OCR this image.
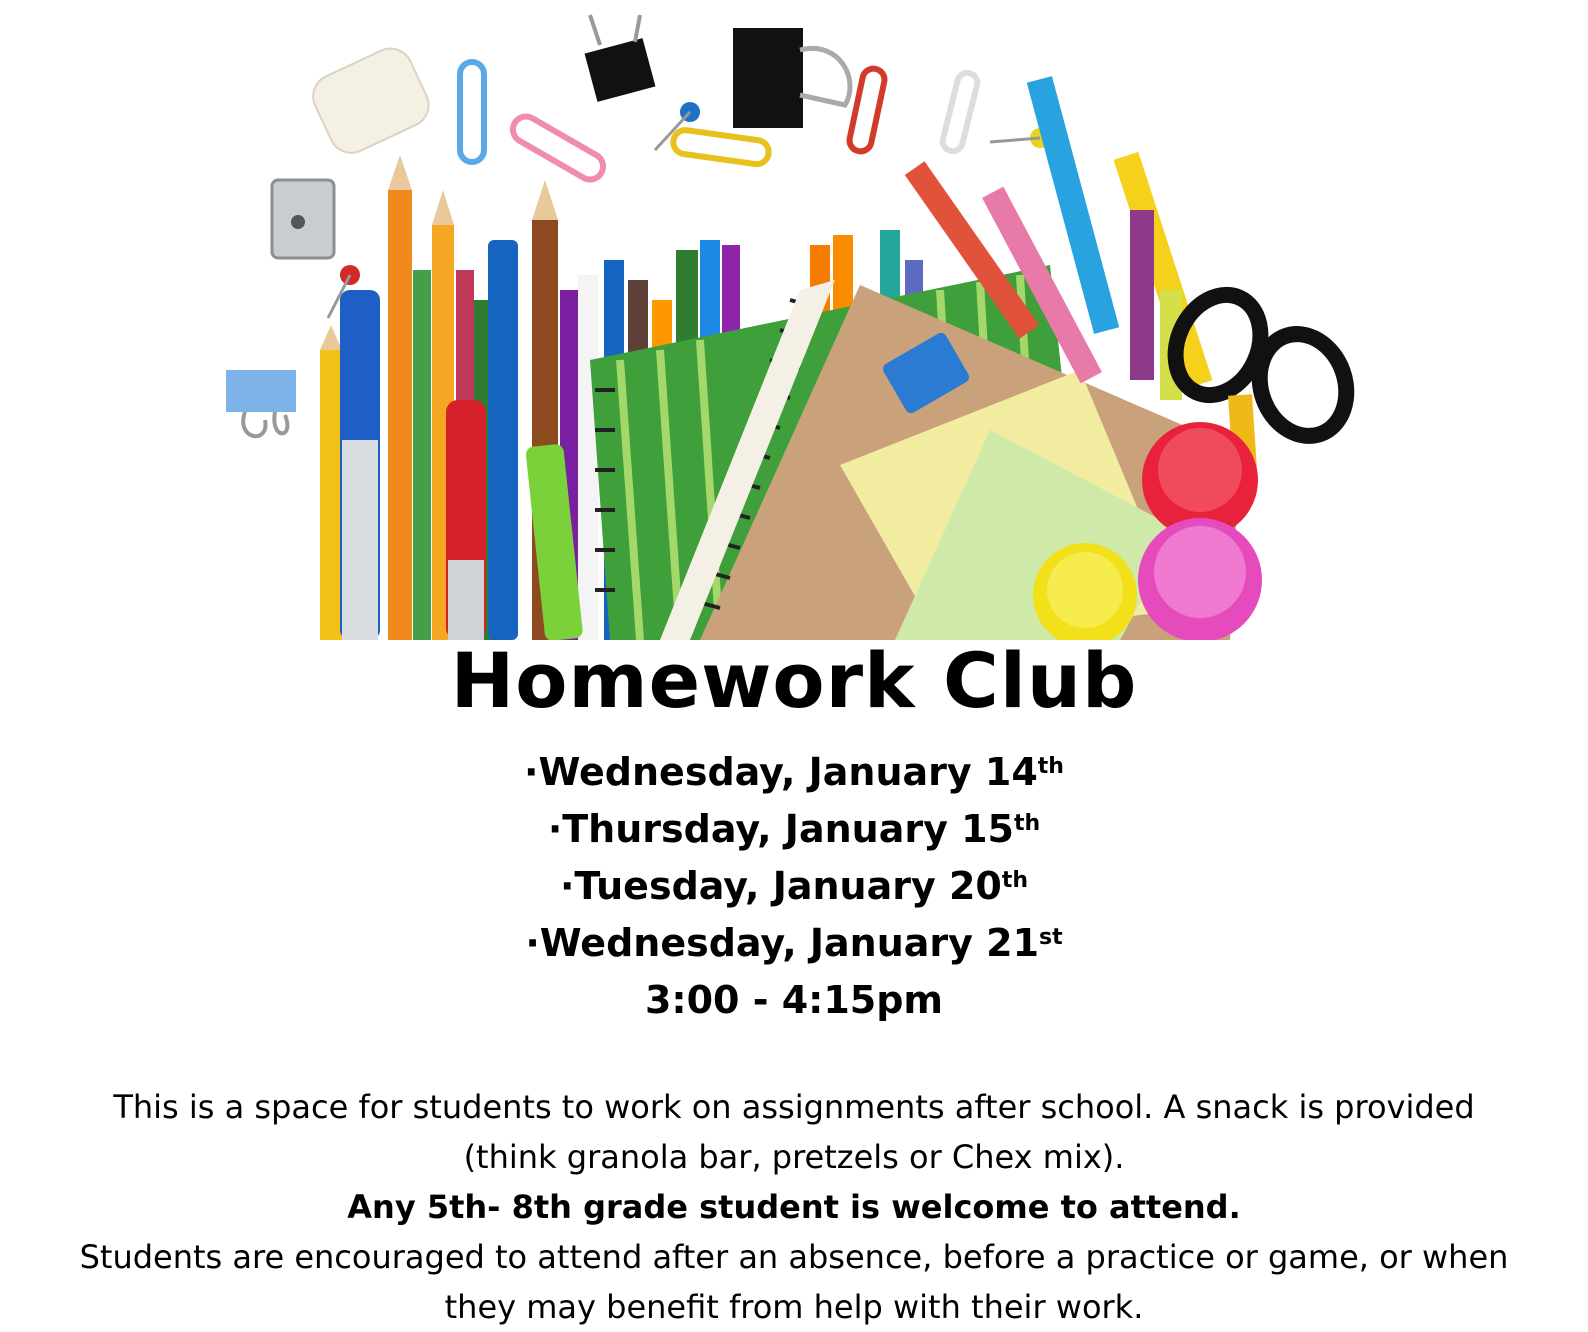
Homework Club
·Wednesday, January 14th
·Thursday, January 15th
·Tuesday, January 20th
·Wednesday, January 21st
3:00 - 4:15pm
This is a space for students to work on assignments after school. A snack is provided
(think granola bar, pretzels or Chex mix).
Any 5th- 8th grade student is welcome to attend.
Students are encouraged to attend after an absence, before a practice or game, or when
they may benefit from help with their work.
